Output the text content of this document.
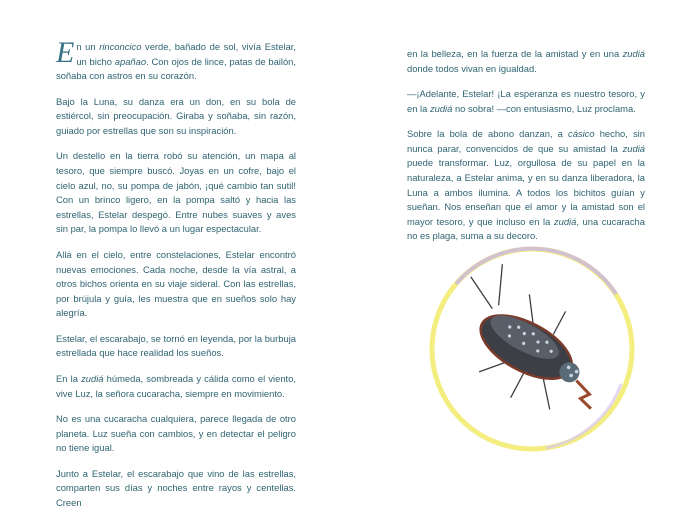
En un rinconcico verde, bañado de sol, vivía Estelar, un bicho apañao. Con ojos de lince, patas de bailón, soñaba con astros en su corazón.

Bajo la Luna, su danza era un don, en su bola de estiércol, sin preocupación. Giraba y soñaba, sin razón, guiado por estrellas que son su inspiración.

Un destello en la tierra robó su atención, un mapa al tesoro, que siempre buscó. Joyas en un cofre, bajo el cielo azul, no, su pompa de jabón, ¡qué cambio tan sutil! Con un brinco ligero, en la pompa saltó y hacia las estrellas, Estelar despegó. Entre nubes suaves y aves sin par, la pompa lo llevó a un lugar espectacular.

Allá en el cielo, entre constelaciones, Estelar encontró nuevas emociones. Cada noche, desde la vía astral, a otros bichos orienta en su viaje sideral. Con las estrellas, por brújula y guía, les muestra que en sueños solo hay alegría.

Estelar, el escarabajo, se tornó en leyenda, por la burbuja estrellada que hace realidad los sueños.

En la zudiá húmeda, sombreada y cálida como el viento, vive Luz, la señora cucaracha, siempre en movimiento.

No es una cucaracha cualquiera, parece llegada de otro planeta. Luz sueña con cambios, y en detectar el peligro no tiene igual.

Junto a Estelar, el escarabajo que vino de las estrellas, comparten sus días y noches entre rayos y centellas. Creen

en la belleza, en la fuerza de la amistad y en una zudiá donde todos vivan en igualdad.

—¡Adelante, Estelar! ¡La esperanza es nuestro tesoro, y en la zudiá no sobra! —con entusiasmo, Luz proclama.

Sobre la bola de abono danzan, a cásico hecho, sin nunca parar, convencidos de que su amistad la zudiá puede transformar. Luz, orgullosa de su papel en la naturaleza, a Estelar anima, y en su danza liberadora, la Luna a ambos ilumina. A todos los bichitos guían y sueñan. Nos enseñan que el amor y la amistad son el mayor tesoro, y que incluso en la zudiá, una cucaracha no es plaga, suma a su decoro.
